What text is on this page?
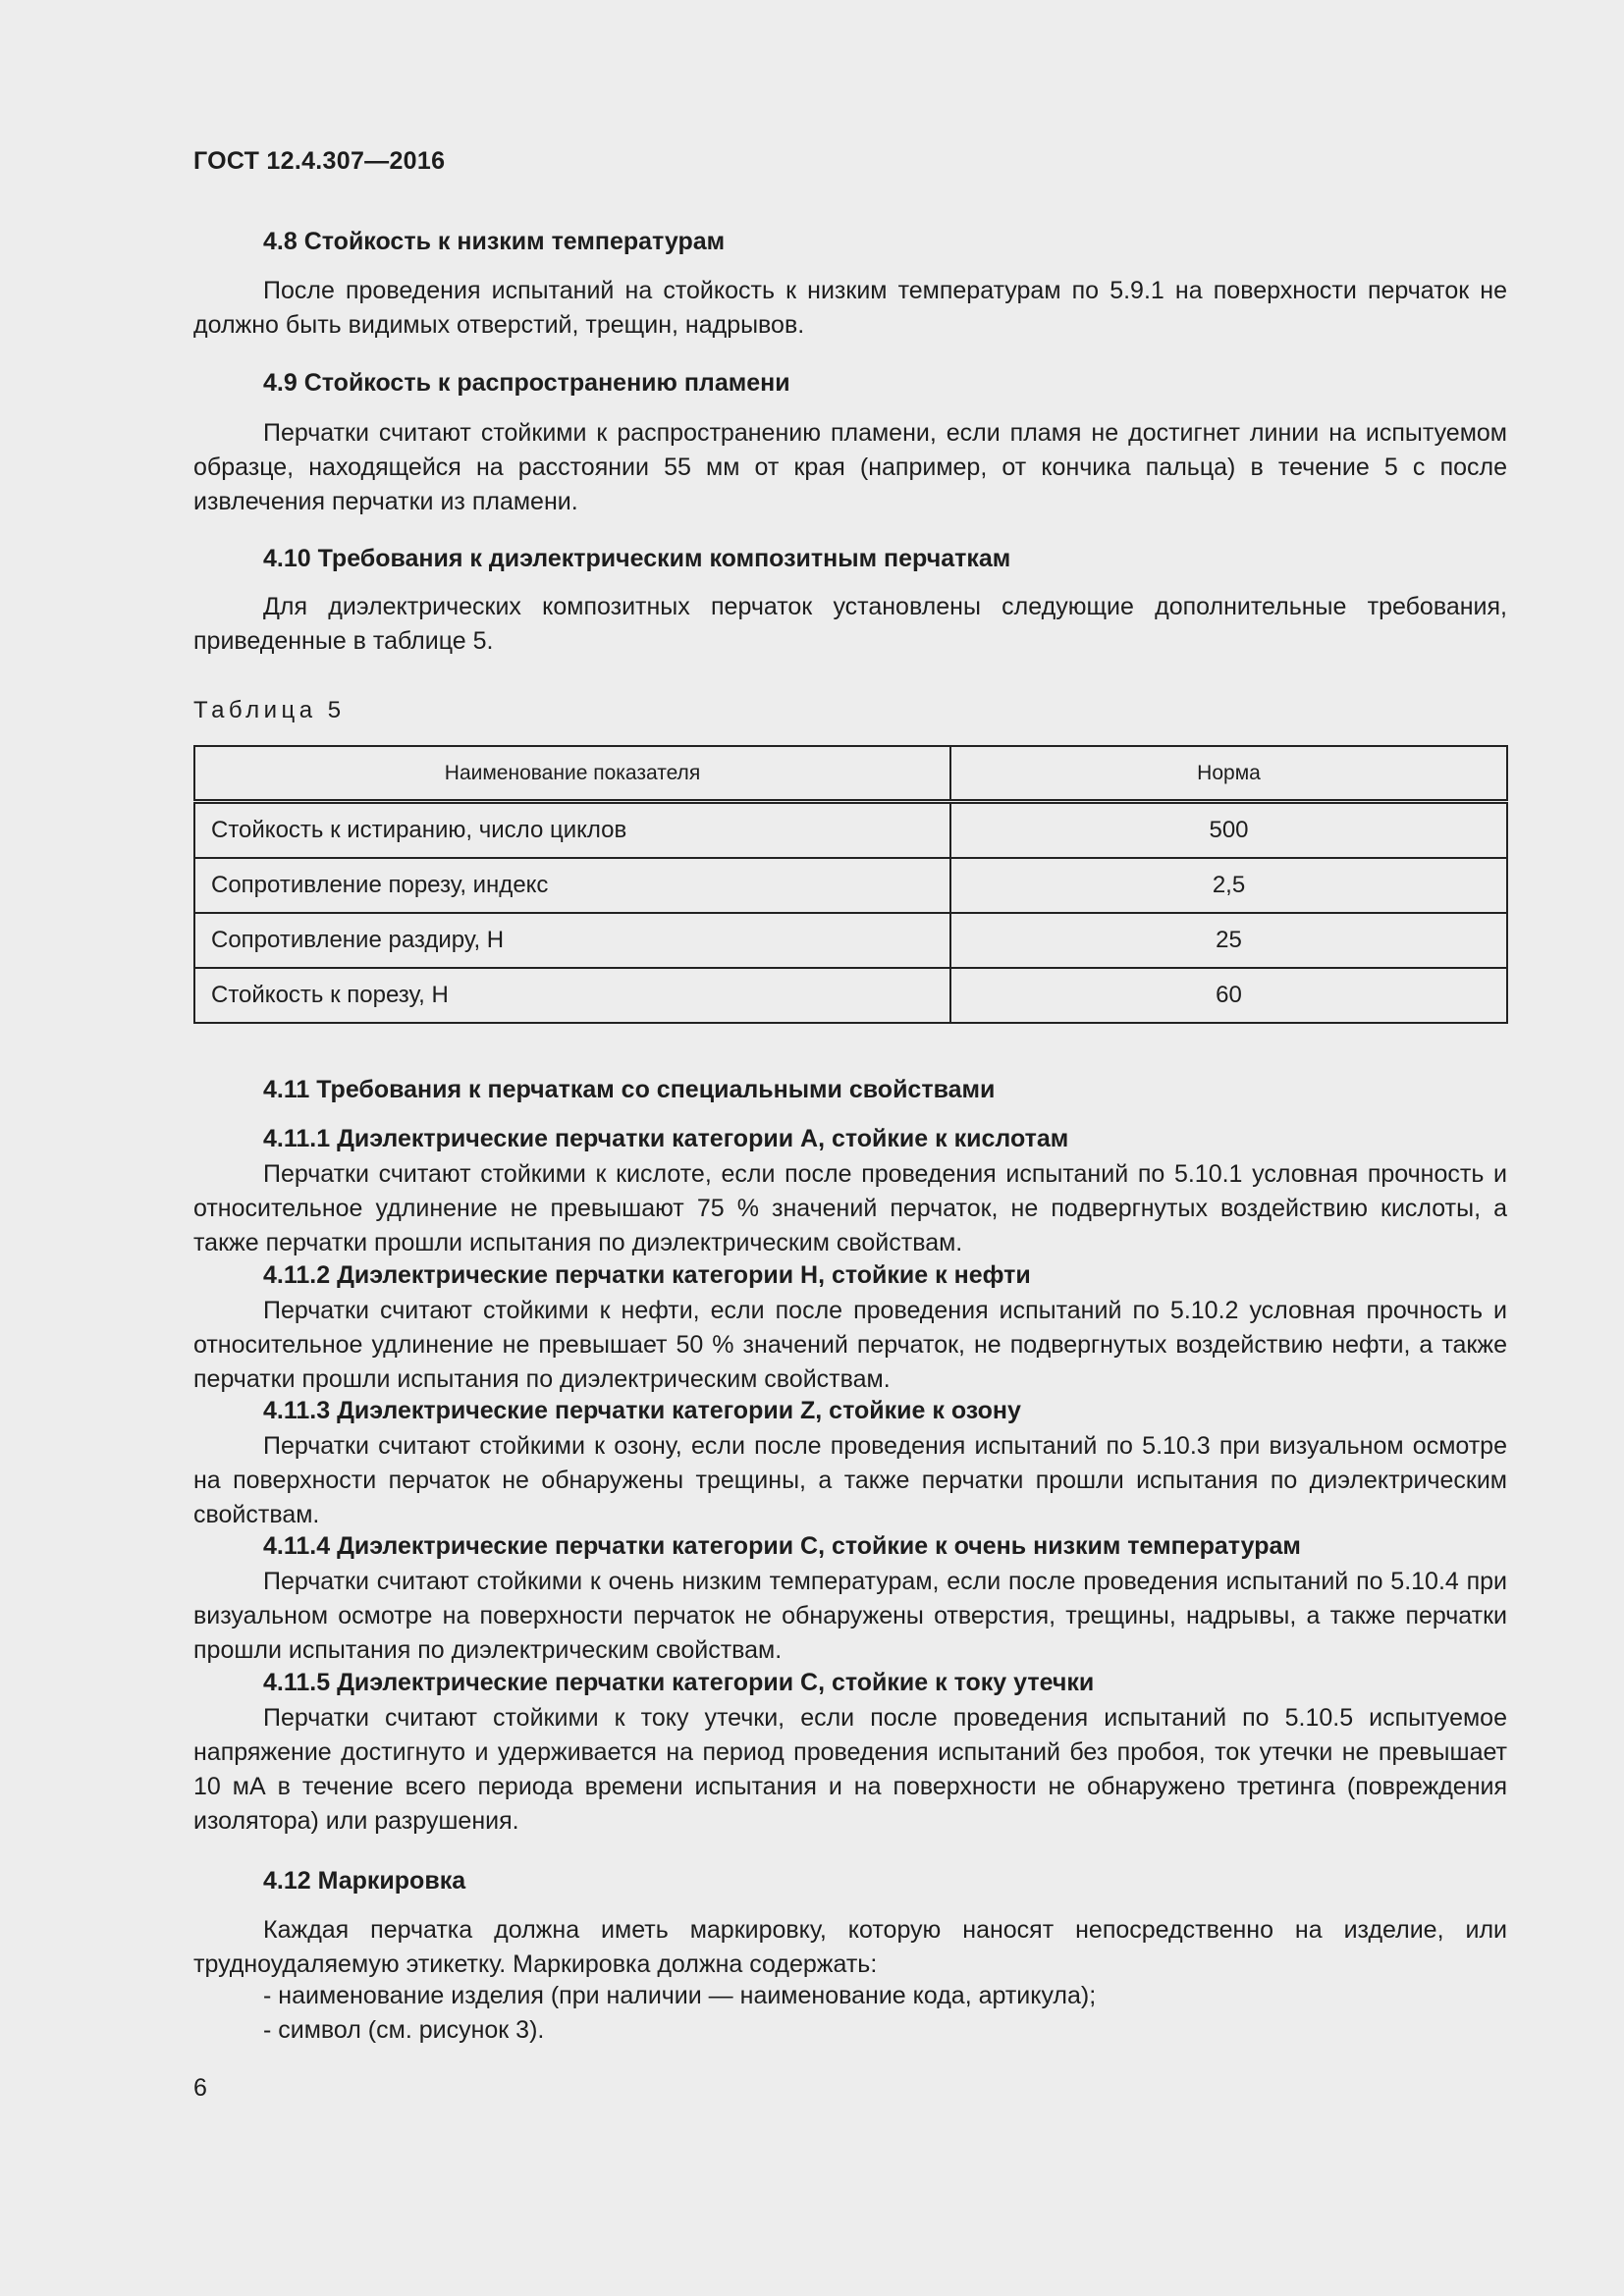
ГОСТ 12.4.307—2016
4.8 Стойкость к низким температурам
После проведения испытаний на стойкость к низким температурам по 5.9.1 на поверхности перчаток не должно быть видимых отверстий, трещин, надрывов.
4.9 Стойкость к распространению пламени
Перчатки считают стойкими к распространению пламени, если пламя не достигнет линии на испытуемом образце, находящейся на расстоянии 55 мм от края (например, от кончика пальца) в течение 5 с после извлечения перчатки из пламени.
4.10 Требования к диэлектрическим композитным перчаткам
Для диэлектрических композитных перчаток установлены следующие дополнительные требования, приведенные в таблице 5.
Таблица 5
Наименование показателя	Норма
Стойкость к истиранию, число циклов	500
Сопротивление порезу, индекс	2,5
Сопротивление раздиру, Н	25
Стойкость к порезу, Н	60
4.11 Требования к перчаткам со специальными свойствами
4.11.1 Диэлектрические перчатки категории А, стойкие к кислотам
Перчатки считают стойкими к кислоте, если после проведения испытаний по 5.10.1 условная прочность и относительное удлинение не превышают 75 % значений перчаток, не подвергнутых воздействию кислоты, а также перчатки прошли испытания по диэлектрическим свойствам.
4.11.2 Диэлектрические перчатки категории Н, стойкие к нефти
Перчатки считают стойкими к нефти, если после проведения испытаний по 5.10.2 условная прочность и относительное удлинение не превышает 50 % значений перчаток, не подвергнутых воздействию нефти, а также перчатки прошли испытания по диэлектрическим свойствам.
4.11.3 Диэлектрические перчатки категории Z, стойкие к озону
Перчатки считают стойкими к озону, если после проведения испытаний по 5.10.3 при визуальном осмотре на поверхности перчаток не обнаружены трещины, а также перчатки прошли испытания по диэлектрическим свойствам.
4.11.4 Диэлектрические перчатки категории С, стойкие к очень низким температурам
Перчатки считают стойкими к очень низким температурам, если после проведения испытаний по 5.10.4 при визуальном осмотре на поверхности перчаток не обнаружены отверстия, трещины, надрывы, а также перчатки прошли испытания по диэлектрическим свойствам.
4.11.5 Диэлектрические перчатки категории С, стойкие к току утечки
Перчатки считают стойкими к току утечки, если после проведения испытаний по 5.10.5 испытуемое напряжение достигнуто и удерживается на период проведения испытаний без пробоя, ток утечки не превышает 10 мА в течение всего периода времени испытания и на поверхности не обнаружено третинга (повреждения изолятора) или разрушения.
4.12 Маркировка
Каждая перчатка должна иметь маркировку, которую наносят непосредственно на изделие, или трудноудаляемую этикетку. Маркировка должна содержать:
- наименование изделия (при наличии — наименование кода, артикула);
- символ (см. рисунок 3).
6
